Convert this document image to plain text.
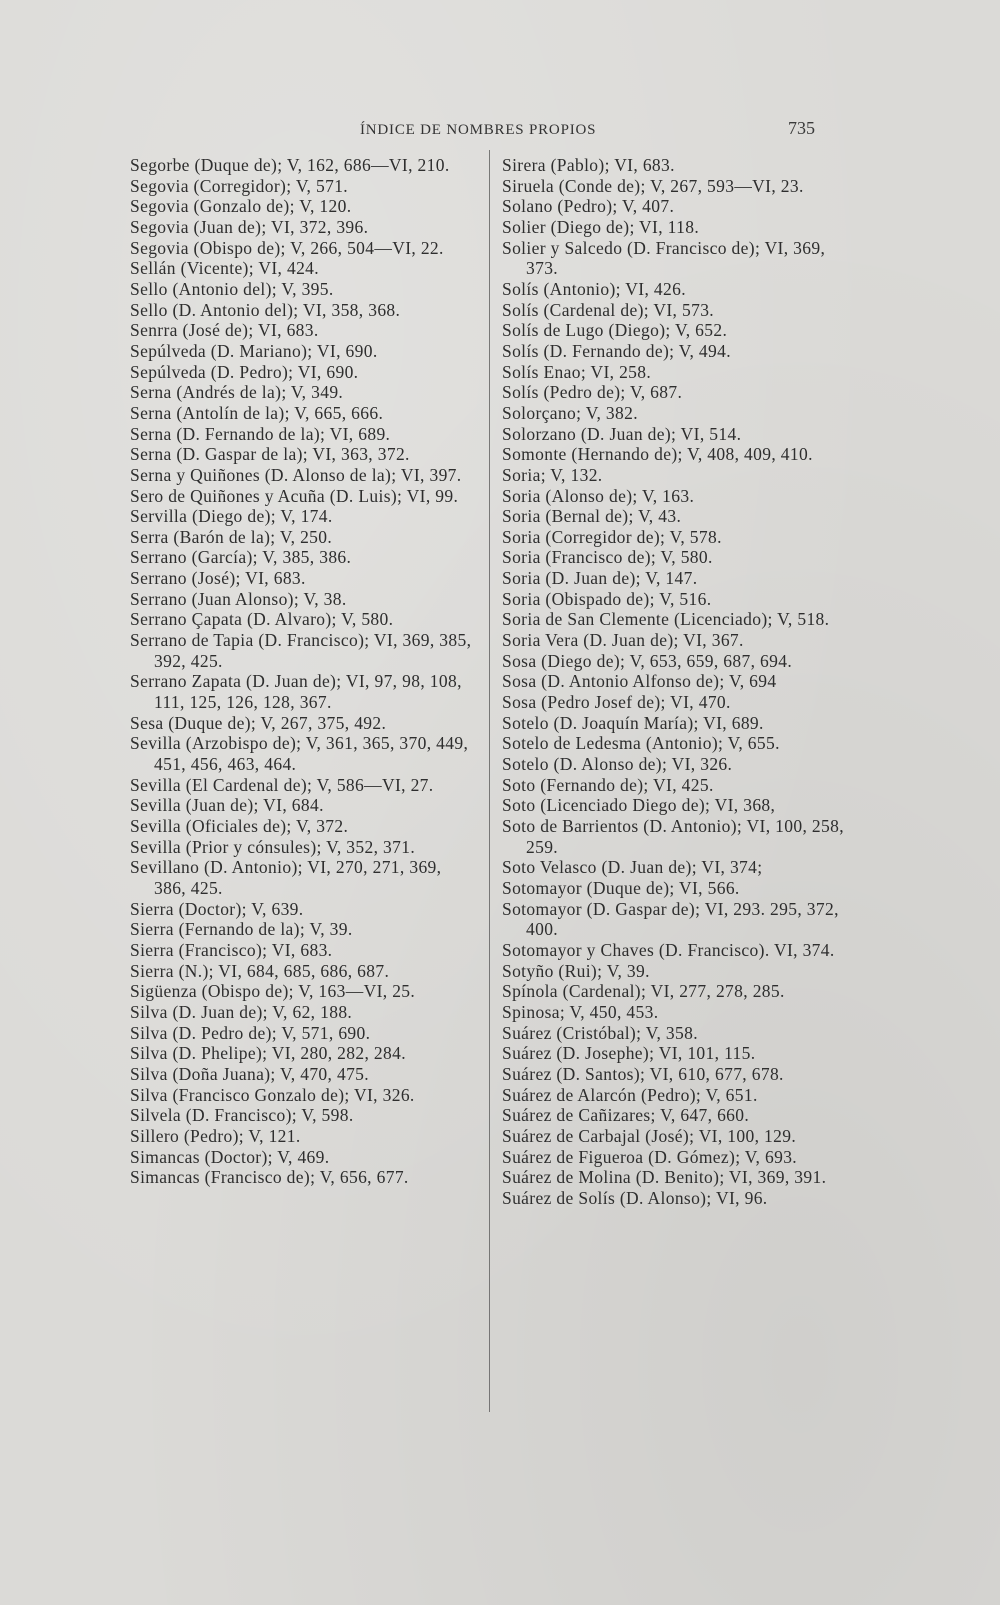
ÍNDICE DE NOMBRES PROPIOS	735

Segorbe (Duque de); V, 162, 686—VI, 210.

Segovia (Corregidor); V, 571.

Segovia (Gonzalo de); V, 120.

Segovia (Juan de); VI, 372, 396.

Segovia (Obispo de); V, 266, 504—VI, 22.

Sellán (Vicente); VI, 424.

Sello (Antonio del); V, 395.

Sello (D. Antonio del); VI, 358, 368.

Senrra (José de); VI, 683.

Sepúlveda (D. Mariano); VI, 690.

Sepúlveda (D. Pedro); VI, 690.

Serna (Andrés de la); V, 349.

Serna (Antolín de la); V, 665, 666.

Serna (D. Fernando de la); VI, 689.

Serna (D. Gaspar de la); VI, 363, 372.

Serna y Quiñones (D. Alonso de la); VI, 397.

Sero de Quiñones y Acuña (D. Luis); VI, 99.

Servilla (Diego de); V, 174.

Serra (Barón de la); V, 250.

Serrano (García); V, 385, 386.

Serrano (José); VI, 683.

Serrano (Juan Alonso); V, 38.

Serrano Çapata (D. Alvaro); V, 580.

Serrano de Tapia (D. Francisco); VI, 369, 385, 392, 425.

Serrano Zapata (D. Juan de); VI, 97, 98, 108, 111, 125, 126, 128, 367.

Sesa (Duque de); V, 267, 375, 492.

Sevilla (Arzobispo de); V, 361, 365, 370, 449, 451, 456, 463, 464.

Sevilla (El Cardenal de); V, 586—VI, 27.

Sevilla (Juan de); VI, 684.

Sevilla (Oficiales de); V, 372.

Sevilla (Prior y cónsules); V, 352, 371.

Sevillano (D. Antonio); VI, 270, 271, 369, 386, 425.

Sierra (Doctor); V, 639.

Sierra (Fernando de la); V, 39.

Sierra (Francisco); VI, 683.

Sierra (N.); VI, 684, 685, 686, 687.

Sigüenza (Obispo de); V, 163—VI, 25.

Silva (D. Juan de); V, 62, 188.

Silva (D. Pedro de); V, 571, 690.

Silva (D. Phelipe); VI, 280, 282, 284.

Silva (Doña Juana); V, 470, 475.

Silva (Francisco Gonzalo de); VI, 326.

Silvela (D. Francisco); V, 598.

Sillero (Pedro); V, 121.

Simancas (Doctor); V, 469.

Simancas (Francisco de); V, 656, 677.

Sirera (Pablo); VI, 683.

Siruela (Conde de); V, 267, 593—VI, 23.

Solano (Pedro); V, 407.

Solier (Diego de); VI, 118.

Solier y Salcedo (D. Francisco de); VI, 369, 373.

Solís (Antonio); VI, 426.

Solís (Cardenal de); VI, 573.

Solís de Lugo (Diego); V, 652.

Solís (D. Fernando de); V, 494.

Solís Enao; VI, 258.

Solís (Pedro de); V, 687.

Solorçano; V, 382.

Solorzano (D. Juan de); VI, 514.

Somonte (Hernando de); V, 408, 409, 410.

Soria; V, 132.

Soria (Alonso de); V, 163.

Soria (Bernal de); V, 43.

Soria (Corregidor de); V, 578.

Soria (Francisco de); V, 580.

Soria (D. Juan de); V, 147.

Soria (Obispado de); V, 516.

Soria de San Clemente (Licenciado); V, 518.

Soria Vera (D. Juan de); VI, 367.

Sosa (Diego de); V, 653, 659, 687, 694.

Sosa (D. Antonio Alfonso de); V, 694

Sosa (Pedro Josef de); VI, 470.

Sotelo (D. Joaquín María); VI, 689.

Sotelo de Ledesma (Antonio); V, 655.

Sotelo (D. Alonso de); VI, 326.

Soto (Fernando de); VI, 425.

Soto (Licenciado Diego de); VI, 368,

Soto de Barrientos (D. Antonio); VI, 100, 258, 259.

Soto Velasco (D. Juan de); VI, 374;

Sotomayor (Duque de); VI, 566.

Sotomayor (D. Gaspar de); VI, 293. 295, 372, 400.

Sotomayor y Chaves (D. Francisco). VI, 374.

Sotyño (Rui); V, 39.

Spínola (Cardenal); VI, 277, 278, 285.

Spinosa; V, 450, 453.

Suárez (Cristóbal); V, 358.

Suárez (D. Josephe); VI, 101, 115.

Suárez (D. Santos); VI, 610, 677, 678.

Suárez de Alarcón (Pedro); V, 651.

Suárez de Cañizares; V, 647, 660.

Suárez de Carbajal (José); VI, 100, 129.

Suárez de Figueroa (D. Gómez); V, 693.

Suárez de Molina (D. Benito); VI, 369, 391.

Suárez de Solís (D. Alonso); VI, 96.
